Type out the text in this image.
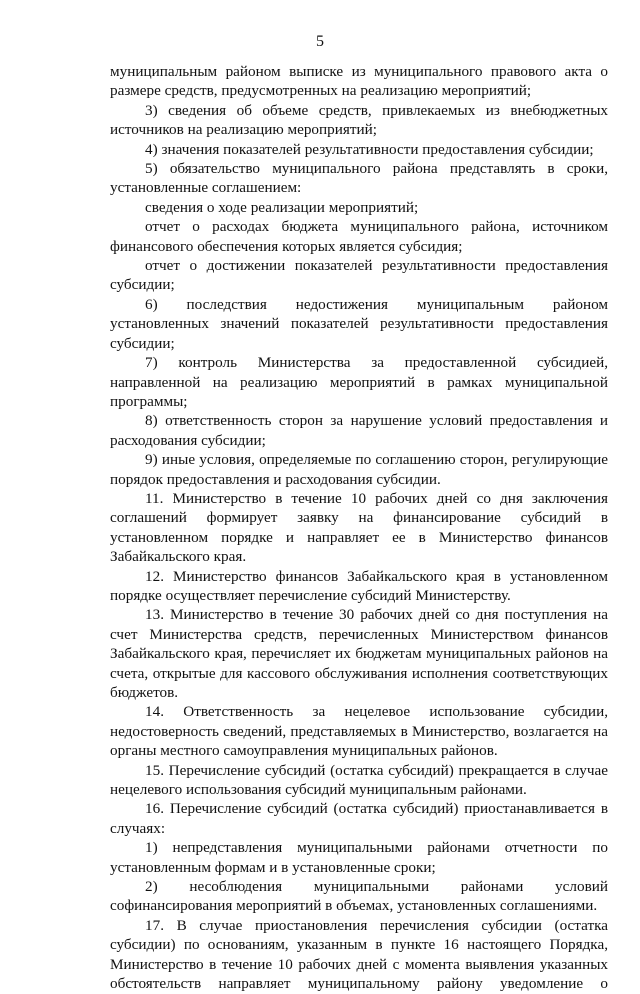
5

муниципальным районом выписке из муниципального правового акта о размере средств, предусмотренных на реализацию мероприятий;

3) сведения об объеме средств, привлекаемых из внебюджетных источников на реализацию мероприятий;

4) значения показателей результативности предоставления субсидии;

5) обязательство муниципального района представлять в сроки, установленные соглашением:

сведения о ходе реализации мероприятий;

отчет о расходах бюджета муниципального района, источником финансового обеспечения которых является субсидия;

отчет о достижении показателей результативности предоставления субсидии;

6) последствия недостижения муниципальным районом установленных значений показателей результативности предоставления субсидии;

7) контроль Министерства за предоставленной субсидией, направленной на реализацию мероприятий в рамках муниципальной программы;

8) ответственность сторон за нарушение условий предоставления и расходования субсидии;

9) иные условия, определяемые по соглашению сторон, регулирующие порядок предоставления и расходования субсидии.

11. Министерство в течение 10 рабочих дней со дня заключения соглашений формирует заявку на финансирование субсидий в установленном порядке и направляет ее в Министерство финансов Забайкальского края.

12. Министерство финансов Забайкальского края в установленном порядке осуществляет перечисление субсидий Министерству.

13. Министерство в течение 30 рабочих дней со дня поступления на счет Министерства средств, перечисленных Министерством финансов Забайкальского края, перечисляет их бюджетам муниципальных районов на счета, открытые для кассового обслуживания исполнения соответствующих бюджетов.

14. Ответственность за нецелевое использование субсидии, недостоверность сведений, представляемых в Министерство, возлагается на органы местного самоуправления муниципальных районов.

15. Перечисление субсидий (остатка субсидий) прекращается в случае нецелевого использования субсидий муниципальным районами.

16. Перечисление субсидий (остатка субсидий) приостанавливается в случаях:

1) непредставления муниципальными районами отчетности по установленным формам и в установленные сроки;

2) несоблюдения муниципальными районами условий софинансирования мероприятий в объемах, установленных соглашениями.

17. В случае приостановления перечисления субсидии (остатка субсидии) по основаниям, указанным в пункте 16 настоящего Порядка, Министерство в течение 10 рабочих дней с момента выявления указанных обстоятельств направляет муниципальному району уведомление о
